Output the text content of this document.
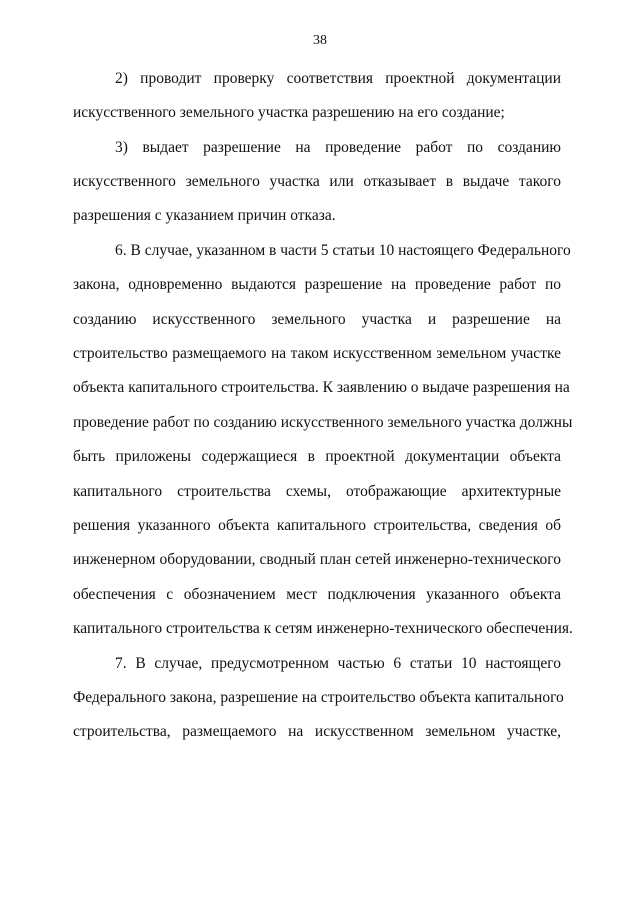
38
2) проводит проверку соответствия проектной документации
искусственного земельного участка разрешению на его создание;
3) выдает разрешение на проведение работ по созданию
искусственного земельного участка или отказывает в выдаче такого
разрешения с указанием причин отказа.
6. В случае, указанном в части 5 статьи 10 настоящего Федерального
закона, одновременно выдаются разрешение на проведение работ по
созданию искусственного земельного участка и разрешение на
строительство размещаемого на таком искусственном земельном участке
объекта капитального строительства. К заявлению о выдаче разрешения на
проведение работ по созданию искусственного земельного участка должны
быть приложены содержащиеся в проектной документации объекта
капитального строительства схемы, отображающие архитектурные
решения указанного объекта капитального строительства, сведения об
инженерном оборудовании, сводный план сетей инженерно-технического
обеспечения с обозначением мест подключения указанного объекта
капитального строительства к сетям инженерно-технического обеспечения.
7. В случае, предусмотренном частью 6 статьи 10 настоящего
Федерального закона, разрешение на строительство объекта капитального
строительства, размещаемого на искусственном земельном участке,
